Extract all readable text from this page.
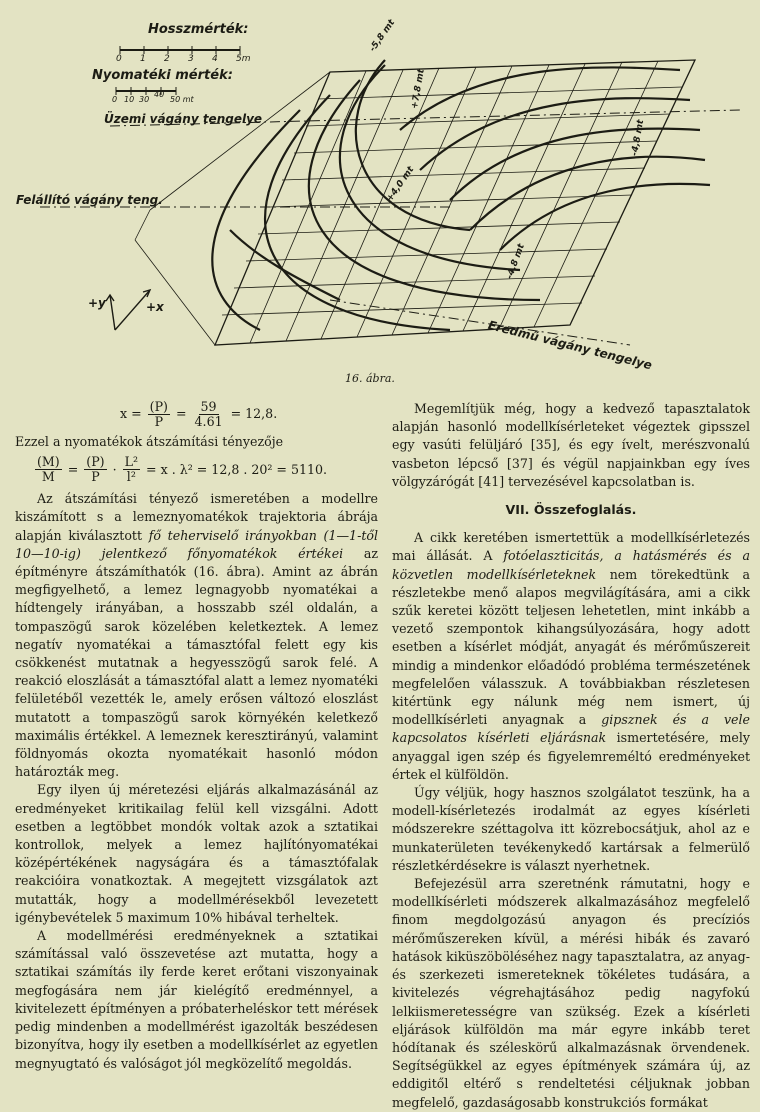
Hosszmérték:
0 1 2 3 4 5m
Nyomatéki mérték:
0 10 30
40
50 mt
Üzemi vágány tengelye
Felállító vágány teng.
Eredmű vágány tengelye
+y	+x
-5,8 mt
+7,8 mt
-4,8 mt
+4,0 mt
-4,8 mt
16. ábra.
$x = \frac{(P)}{P} = \frac{59}{4.61} = 12,8$.

Ezzel a nyomatékok átszámítási tényezője

$\frac{(M)}{M} = \frac{(P)}{P} \cdot \frac{\text{L²}}{\text{l²}} = x$ . λ² = 12,8 . 20² = 5110.

Az átszámítási tényező ismeretében a modellre kiszámított s a lemeznyomatékok trajektoria ábrája alapján kiválasztott fő teherviselő irányokban (1—1-től 10—10-ig) jelentkező főnyomatékok értékei az építményre átszámíthatók (16. ábra). Amint az ábrán megfigyelhető, a lemez legnagyobb nyomatékai a hídtengely irányában, a hosszabb szél oldalán, a tompaszögű sarok közelében keletkeztek. A lemez negatív nyomatékai a támasztófal felett egy kis csökkenést mutatnak a hegyesszögű sarok felé. A reakció eloszlását a támasztófal alatt a lemez nyomatéki felületéből vezették le, amely erősen változó eloszlást mutatott a tompaszögű sarok környékén keletkező maximális értékkel. A lemeznek keresztirányú, valamint földnyomás okozta nyomatékait hasonló módon határozták meg.

Egy ilyen új méretezési eljárás alkalmazásánál az eredményeket kritikailag felül kell vizsgálni. Adott esetben a legtöbbet mondók voltak azok a sztatikai kontrollok, melyek a lemez hajlítónyomatékai középértékének nagyságára és a támasztófalak reakcióira vonatkoztak. A megejtett vizsgálatok azt mutatták, hogy a modellmérésekből levezetett igénybevételek 5 maximum 10% hibával terheltek.

A modellmérési eredményeknek a sztatikai számítással való összevetése azt mutatta, hogy a sztatikai számítás ily ferde keret erőtani viszonyainak megfogására nem jár kielégítő eredménnyel, a kivitelezett építményen a próbaterheléskor tett mérések pedig mindenben a modellmérést igazolták beszédesen bizonyítva, hogy ily esetben a modellkísérlet az egyetlen megnyugtató és valóságot jól megközelítő megoldás.

Megemlítjük még, hogy a kedvező tapasztalatok alapján hasonló modellkísérleteket végeztek gipsszel egy vasúti felüljáró [35], és egy ívelt, merészvonalú vasbeton lépcső [37] és végül napjainkban egy íves völgyzárógát [41] tervezésével kapcsolatban is.

VII. Összefoglalás.

A cikk keretében ismertettük a modellkísérletezés mai állását. A fotóelaszticitás, a hatásmérés és a közvetlen modellkísérleteknek nem törekedtünk a részletekbe menő alapos megvilágítására, ami a cikk szűk keretei között teljesen lehetetlen, mint inkább a vezető szempontok kihangsúlyozására, hogy adott esetben a kísérlet módját, anyagát és mérőműszereit mindig a mindenkor előadódó probléma természetének megfelelően válasszuk. A továbbiakban részletesen kitértünk egy nálunk még nem ismert, új modellkísérleti anyagnak a gipsznek és a vele kapcsolatos kísérleti eljárásnak ismertetésére, mely anyaggal igen szép és figyelemreméltó eredményeket értek el külföldön.

Úgy véljük, hogy hasznos szolgálatot teszünk, ha a modell-kísérletezés irodalmát az egyes kísérleti módszerekre széttagolva itt közrebocsátjuk, ahol az e munkaterületen tevékenykedő kartársak a felmerülő részletkérdésekre is választ nyerhetnek.

Befejezésül arra szeretnénk rámutatni, hogy e modellkísérleti módszerek alkalmazásához megfelelő finom megdolgozású anyagon és precíziós mérőműszereken kívül, a mérési hibák és zavaró hatások kiküszöböléséhez nagy tapasztalatra, az anyag- és szerkezeti ismereteknek tökéletes tudására, a kivitelezés végrehajtásához pedig nagyfokú lelkiismeretességre van szükség. Ezek a kísérleti eljárások külföldön ma már egyre inkább teret hódítanak és széleskörű alkalmazásnak örvendenek. Segítségükkel az egyes építmények számára új, az eddigitől eltérő s rendeltetési céljuknak jobban megfelelő, gazdaságosabb konstrukciós formákat
